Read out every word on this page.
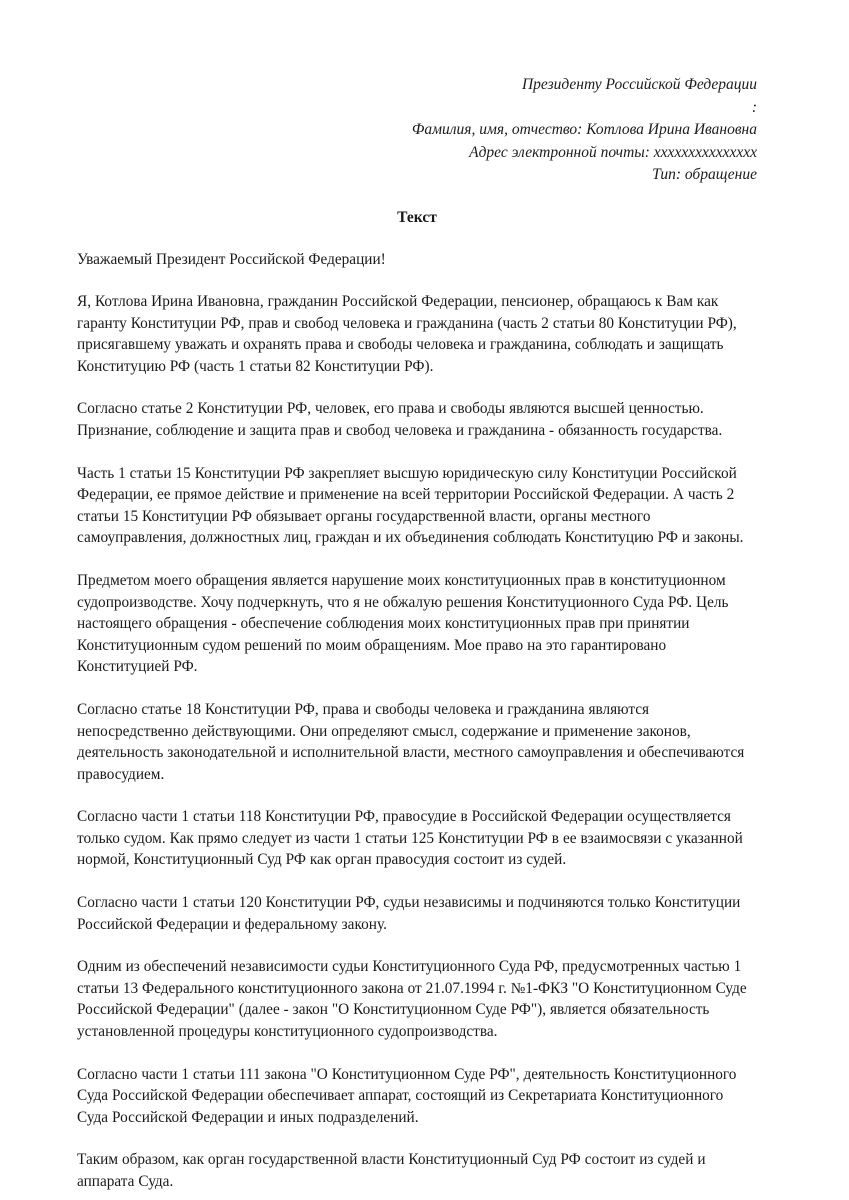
Президенту Российской Федерации
:
Фамилия, имя, отчество: Котлова Ирина Ивановна
Адрес электронной почты: xxxxxxxxxxxxxxx
Тип: обращение
Текст
Уважаемый Президент Российской Федерации!

Я, Котлова Ирина Ивановна, гражданин Российской Федерации, пенсионер, обращаюсь к Вам как гаранту Конституции РФ, прав и свобод человека и гражданина (часть 2 статьи 80 Конституции РФ), присягавшему уважать и охранять права и свободы человека и гражданина, соблюдать и защищать Конституцию РФ (часть 1 статьи 82 Конституции РФ).

Согласно статье 2 Конституции РФ, человек, его права и свободы являются высшей ценностью. Признание, соблюдение и защита прав и свобод человека и гражданина - обязанность государства.

Часть 1 статьи 15 Конституции РФ закрепляет высшую юридическую силу Конституции Российской Федерации, ее прямое действие и применение на всей территории Российской Федерации. А часть 2 статьи 15 Конституции РФ обязывает органы государственной власти, органы местного самоуправления, должностных лиц, граждан и их объединения соблюдать Конституцию РФ и законы.

Предметом моего обращения является нарушение моих конституционных прав в конституционном судопроизводстве. Хочу подчеркнуть, что я не обжалую решения Конституционного Суда РФ. Цель настоящего обращения - обеспечение соблюдения моих конституционных прав при принятии Конституционным судом решений по моим обращениям. Мое право на это гарантировано Конституцией РФ.

Согласно статье 18 Конституции РФ, права и свободы человека и гражданина являются непосредственно действующими. Они определяют смысл, содержание и применение законов, деятельность законодательной и исполнительной власти, местного самоуправления и обеспечиваются правосудием.

Согласно части 1 статьи 118 Конституции РФ, правосудие в Российской Федерации осуществляется только судом. Как прямо следует из части 1 статьи 125 Конституции РФ в ее взаимосвязи с указанной нормой, Конституционный Суд РФ как орган правосудия состоит из судей.

Согласно части 1 статьи 120 Конституции РФ, судьи независимы и подчиняются только Конституции Российской Федерации и федеральному закону.

Одним из обеспечений независимости судьи Конституционного Суда РФ, предусмотренных частью 1 статьи 13 Федерального конституционного закона от 21.07.1994 г. №1-ФКЗ "О Конституционном Суде Российской Федерации" (далее - закон "О Конституционном Суде РФ"), является обязательность установленной процедуры конституционного судопроизводства.

Согласно части 1 статьи 111 закона "О Конституционном Суде РФ", деятельность Конституционного Суда Российской Федерации обеспечивает аппарат, состоящий из Секретариата Конституционного Суда Российской Федерации и иных подразделений.

Таким образом, как орган государственной власти Конституционный Суд РФ состоит из судей и аппарата Суда.
